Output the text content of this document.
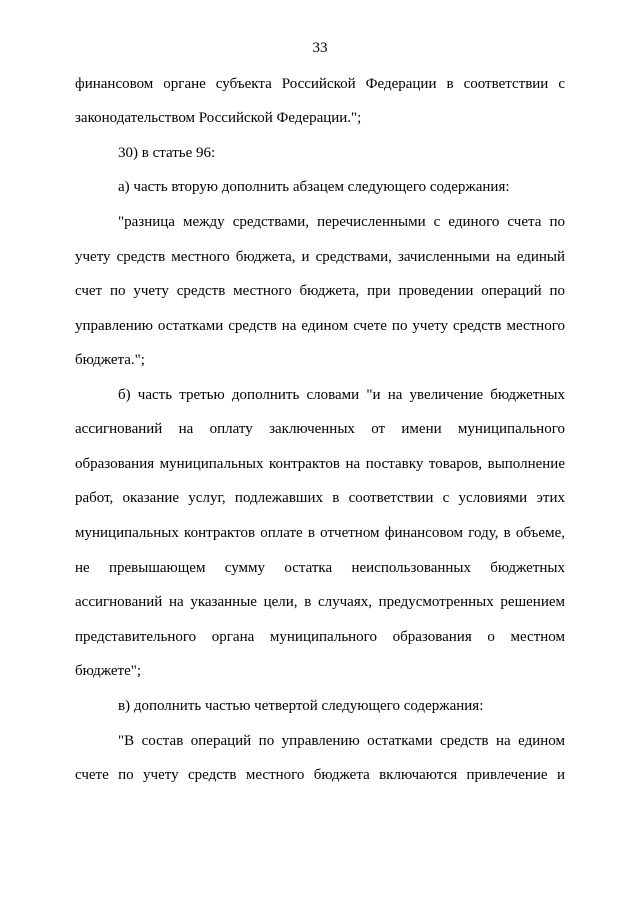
33
финансовом органе субъекта Российской Федерации в соответствии с
законодательством Российской Федерации.";
30) в статье 96:
а) часть вторую дополнить абзацем следующего содержания:
"разница между средствами, перечисленными с единого счета по
учету средств местного бюджета, и средствами, зачисленными на единый
счет по учету средств местного бюджета, при проведении операций по
управлению остатками средств на едином счете по учету средств местного
бюджета.";
б) часть третью дополнить словами "и на увеличение бюджетных
ассигнований на оплату заключенных от имени муниципального
образования муниципальных контрактов на поставку товаров, выполнение
работ, оказание услуг, подлежавших в соответствии с условиями этих
муниципальных контрактов оплате в отчетном финансовом году, в объеме,
не превышающем сумму остатка неиспользованных бюджетных
ассигнований на указанные цели, в случаях, предусмотренных решением
представительного органа муниципального образования о местном
бюджете";
в) дополнить частью четвертой следующего содержания:
"В состав операций по управлению остатками средств на едином
счете по учету средств местного бюджета включаются привлечение и
